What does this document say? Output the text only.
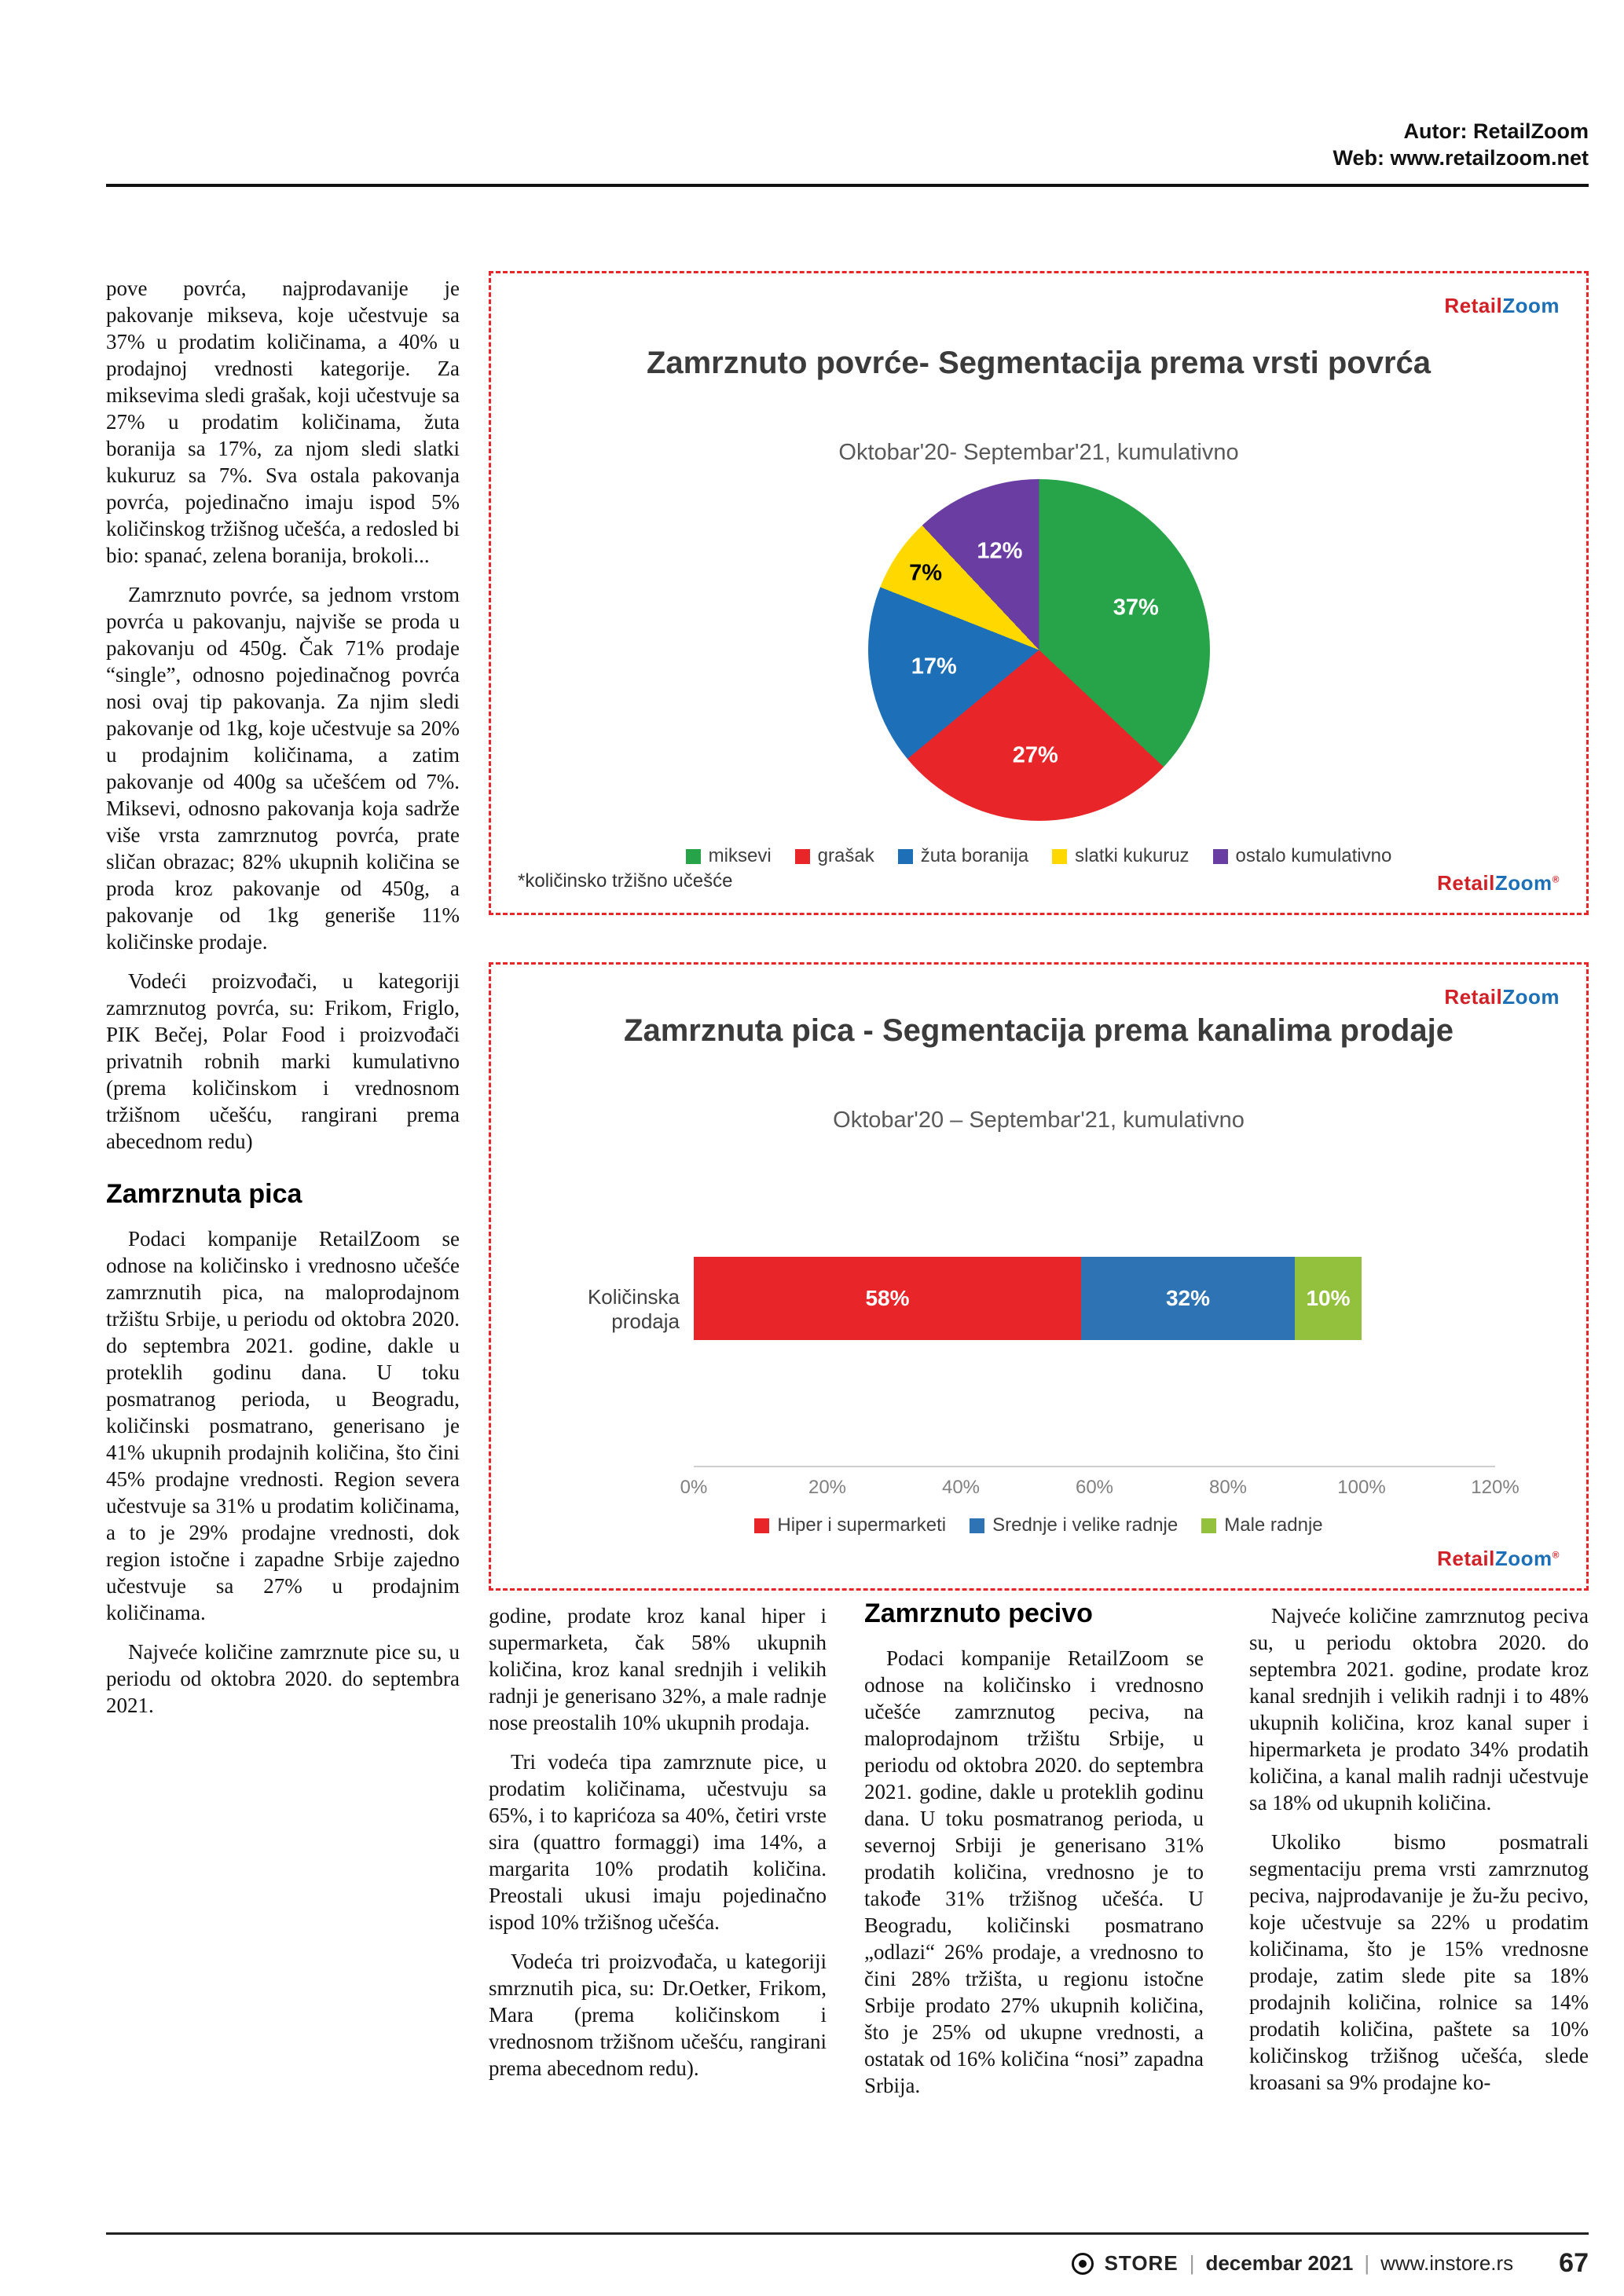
Autor: RetailZoom
Web: www.retailzoom.net

pove povrća, najprodavanije je pakovanje mikseva, koje učestvuje sa 37% u prodatim količinama, a 40% u prodajnoj vrednosti kategorije. Za miksevima sledi grašak, koji učestvuje sa 27% u prodatim količinama, žuta boranija sa 17%, za njom sledi slatki kukuruz sa 7%. Sva ostala pakovanja povrća, pojedinačno imaju ispod 5% količinskog tržišnog učešća, a redosled bi bio: spanać, zelena boranija, brokoli...

Zamrznuto povrće, sa jednom vrstom povrća u pakovanju, najviše se proda u pakovanju od 450g. Čak 71% prodaje “single”, odnosno pojedinačnog povrća nosi ovaj tip pakovanja. Za njim sledi pakovanje od 1kg, koje učestvuje sa 20% u prodajnim količinama, a zatim pakovanje od 400g sa učešćem od 7%. Miksevi, odnosno pakovanja koja sadrže više vrsta zamrznutog povrća, prate sličan obrazac; 82% ukupnih količina se proda kroz pakovanje od 450g, a pakovanje od 1kg generiše 11% količinske prodaje.

Vodeći proizvođači, u kategoriji zamrznutog povrća, su: Frikom, Friglo, PIK Bečej, Polar Food i proizvođači privatnih robnih marki kumulativno (prema količinskom i vrednosnom tržišnom učešću, rangirani prema abecednom redu)

Zamrznuta pica

Podaci kompanije RetailZoom se odnose na količinsko i vrednosno učešće zamrznutih pica, na maloprodajnom tržištu Srbije, u periodu od oktobra 2020. do septembra 2021. godine, dakle u proteklih godinu dana. U toku posmatranog perioda, u Beogradu, količinski posmatrano, generisano je 41% ukupnih prodajnih količina, što čini 45% prodajne vrednosti. Region severa učestvuje sa 31% u prodatim količinama, a to je 29% prodajne vrednosti, dok region istočne i zapadne Srbije zajedno učestvuje sa 27% u prodajnim količinama.

Najveće količine zamrznute pice su, u periodu od oktobra 2020. do septembra 2021.

RetailZoom
Zamrznuto povrće- Segmentacija prema vrsti povrća
Oktobar'20- Septembar'21, kumulativno
37%
27%
17%
7%
12%
miksevi grašak žuta boranija slatki kukuruz ostalo kumulativno
*količinsko tržišno učešće	RetailZoom®
RetailZoom
Zamrznuta pica - Segmentacija prema kanalima prodaje
Oktobar'20 – Septembar'21, kumulativno
Količinska prodaja
58%	32%	10%
0%	20%	40%	60%	80%	100%	120%
Hiper i supermarketi Srednje i velike radnje Male radnje
RetailZoom®

godine, prodate kroz kanal hiper i supermarketa, čak 58% ukupnih količina, kroz kanal srednjih i velikih radnji je generisano 32%, a male radnje nose preostalih 10% ukupnih prodaja.

Tri vodeća tipa zamrznute pice, u prodatim količinama, učestvuju sa 65%, i to kaprićoza sa 40%, četiri vrste sira (quattro formaggi) ima 14%, a margarita 10% prodatih količina. Preostali ukusi imaju pojedinačno ispod 10% tržišnog učešća.

Vodeća tri proizvođača, u kategoriji smrznutih pica, su: Dr.Oetker, Frikom, Mara (prema količinskom i vrednosnom tržišnom učešću, rangirani prema abecednom redu).

Zamrznuto pecivo

Podaci kompanije RetailZoom se odnose na količinsko i vrednosno učešće zamrznutog peciva, na maloprodajnom tržištu Srbije, u periodu od oktobra 2020. do septembra 2021. godine, dakle u proteklih godinu dana. U toku posmatranog perioda, u severnoj Srbiji je generisano 31% prodatih količina, vrednosno je to takođe 31% tržišnog učešća. U Beogradu, količinski posmatrano „odlazi“ 26% prodaje, a vrednosno to čini 28% tržišta, u regionu istočne Srbije prodato 27% ukupnih količina, što je 25% od ukupne vrednosti, a ostatak od 16% količina “nosi” zapadna Srbija.

Najveće količine zamrznutog peciva su, u periodu oktobra 2020. do septembra 2021. godine, prodate kroz kanal srednjih i velikih radnji i to 48% ukupnih količina, kroz kanal super i hipermarketa je prodato 34% prodatih količina, a kanal malih radnji učestvuje sa 18% od ukupnih količina.

Ukoliko bismo posmatrali segmentaciju prema vrsti zamrznutog peciva, najprodavanije je žu-žu pecivo, koje učestvuje sa 22% u prodatim količinama, što je 15% vrednosne prodaje, zatim slede pite sa 18% prodajnih količina, rolnice sa 14% prodatih količina, paštete sa 10% količinskog tržišnog učešća, slede kroasani sa 9% prodajne ko-

STORE | decembar 2021 | www.instore.rs 67
